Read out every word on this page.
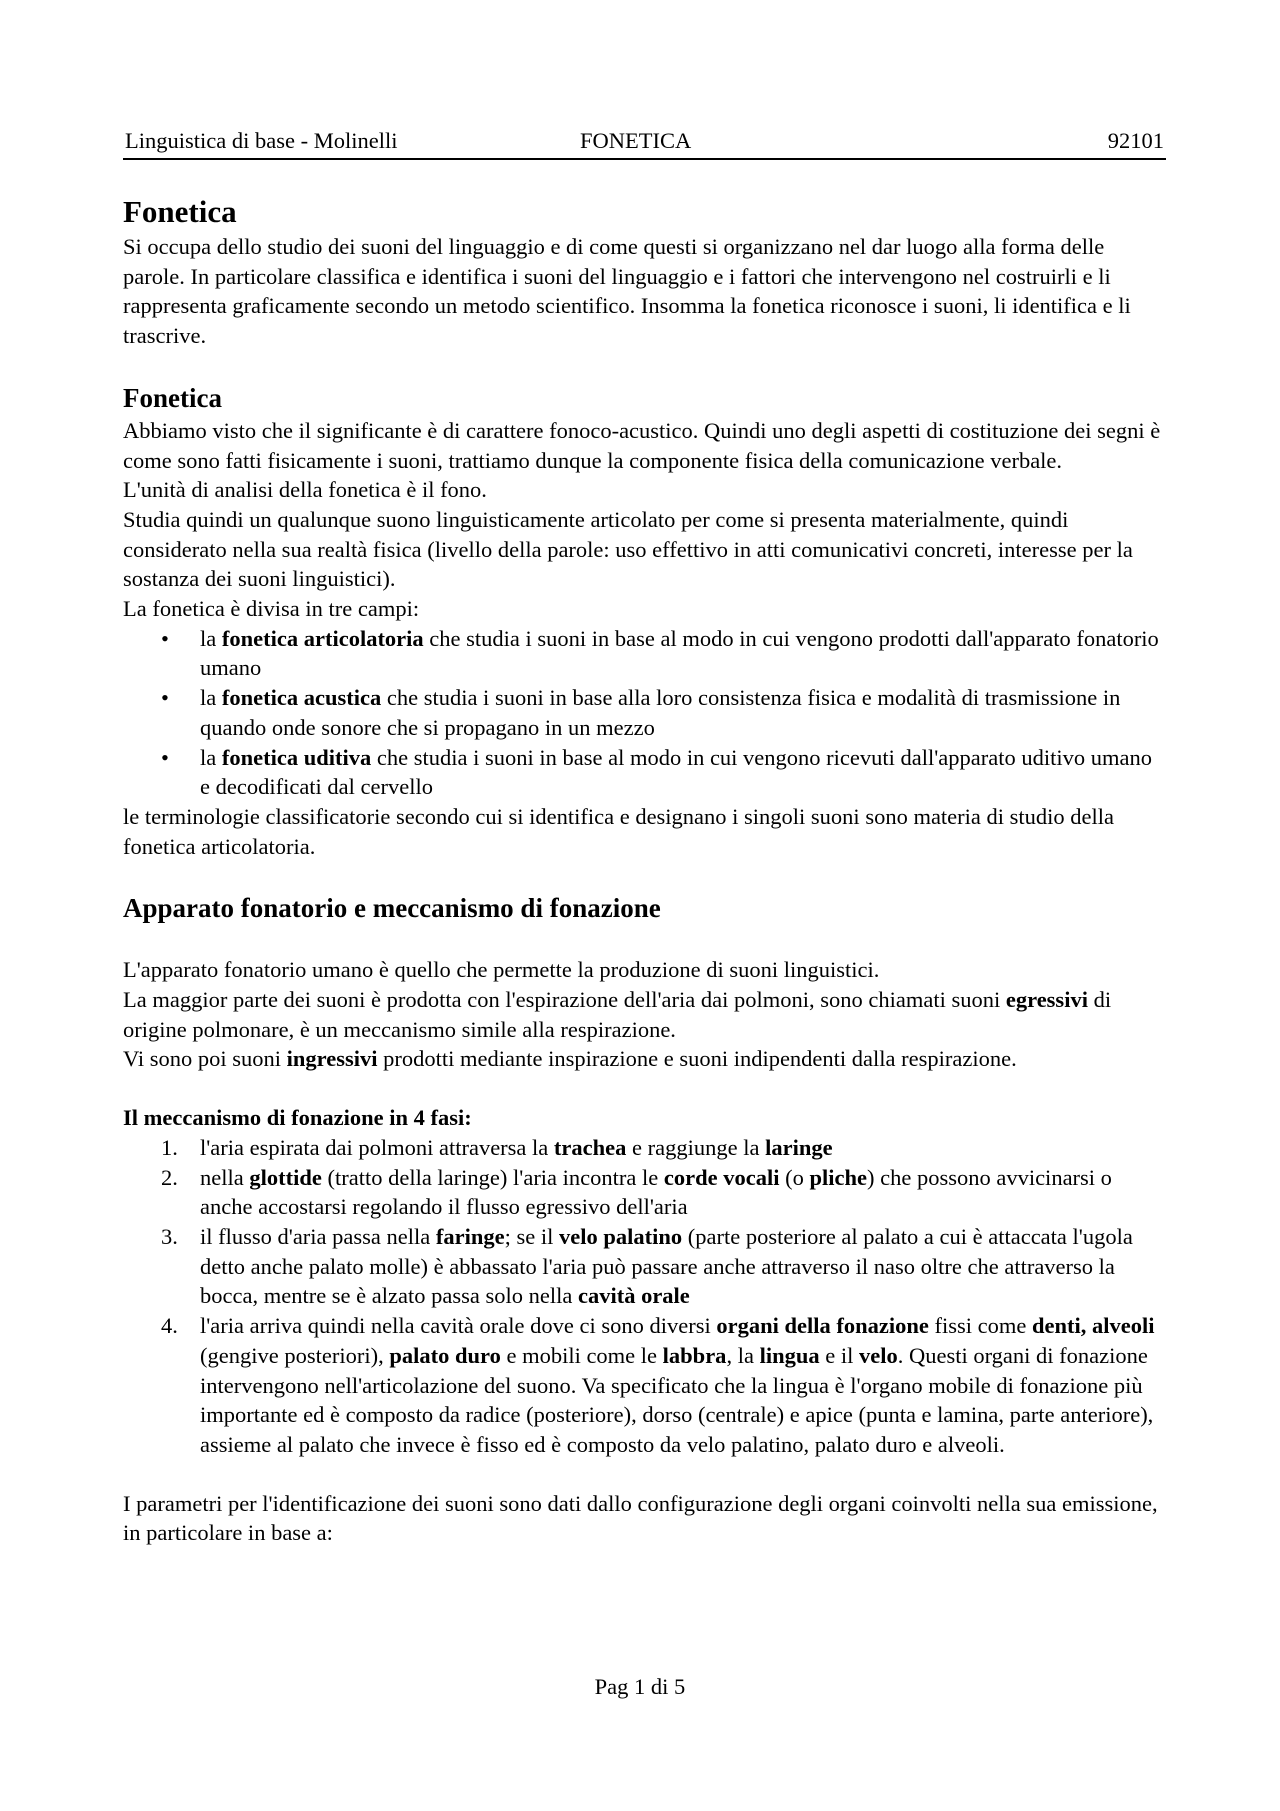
Linguistica di base - Molinelli	FONETICA	92101
Fonetica

Si occupa dello studio dei suoni del linguaggio e di come questi si organizzano nel dar luogo alla forma delle parole. In particolare classifica e identifica i suoni del linguaggio e i fattori che intervengono nel costruirli e li rappresenta graficamente secondo un metodo scientifico. Insomma la fonetica riconosce i suoni, li identifica e li trascrive.

Fonetica

Abbiamo visto che il significante è di carattere fonoco-acustico. Quindi uno degli aspetti di costituzione dei segni è come sono fatti fisicamente i suoni, trattiamo dunque la componente fisica della comunicazione verbale.

L'unità di analisi della fonetica è il fono.

Studia quindi un qualunque suono linguisticamente articolato per come si presenta materialmente, quindi considerato nella sua realtà fisica (livello della parole: uso effettivo in atti comunicativi concreti, interesse per la sostanza dei suoni linguistici).

La fonetica è divisa in tre campi:

• la fonetica articolatoria che studia i suoni in base al modo in cui vengono prodotti dall'apparato fonatorio umano
• la fonetica acustica che studia i suoni in base alla loro consistenza fisica e modalità di trasmissione in quando onde sonore che si propagano in un mezzo
• la fonetica uditiva che studia i suoni in base al modo in cui vengono ricevuti dall'apparato uditivo umano e decodificati dal cervello

le terminologie classificatorie secondo cui si identifica e designano i singoli suoni sono materia di studio della fonetica articolatoria.

Apparato fonatorio e meccanismo di fonazione

L'apparato fonatorio umano è quello che permette la produzione di suoni linguistici.

La maggior parte dei suoni è prodotta con l'espirazione dell'aria dai polmoni, sono chiamati suoni egressivi di origine polmonare, è un meccanismo simile alla respirazione.

Vi sono poi suoni ingressivi prodotti mediante inspirazione e suoni indipendenti dalla respirazione.

Il meccanismo di fonazione in 4 fasi:

1. l'aria espirata dai polmoni attraversa la trachea e raggiunge la laringe
2. nella glottide (tratto della laringe) l'aria incontra le corde vocali (o pliche) che possono avvicinarsi o anche accostarsi regolando il flusso egressivo dell'aria
3. il flusso d'aria passa nella faringe; se il velo palatino (parte posteriore al palato a cui è attaccata l'ugola detto anche palato molle) è abbassato l'aria può passare anche attraverso il naso oltre che attraverso la bocca, mentre se è alzato passa solo nella cavità orale
4. l'aria arriva quindi nella cavità orale dove ci sono diversi organi della fonazione fissi come denti, alveoli (gengive posteriori), palato duro e mobili come le labbra, la lingua e il velo. Questi organi di fonazione intervengono nell'articolazione del suono. Va specificato che la lingua è l'organo mobile di fonazione più importante ed è composto da radice (posteriore), dorso (centrale) e apice (punta e lamina, parte anteriore), assieme al palato che invece è fisso ed è composto da velo palatino, palato duro e alveoli.

I parametri per l'identificazione dei suoni sono dati dallo configurazione degli organi coinvolti nella sua emissione, in particolare in base a:

Pag 1 di 5
